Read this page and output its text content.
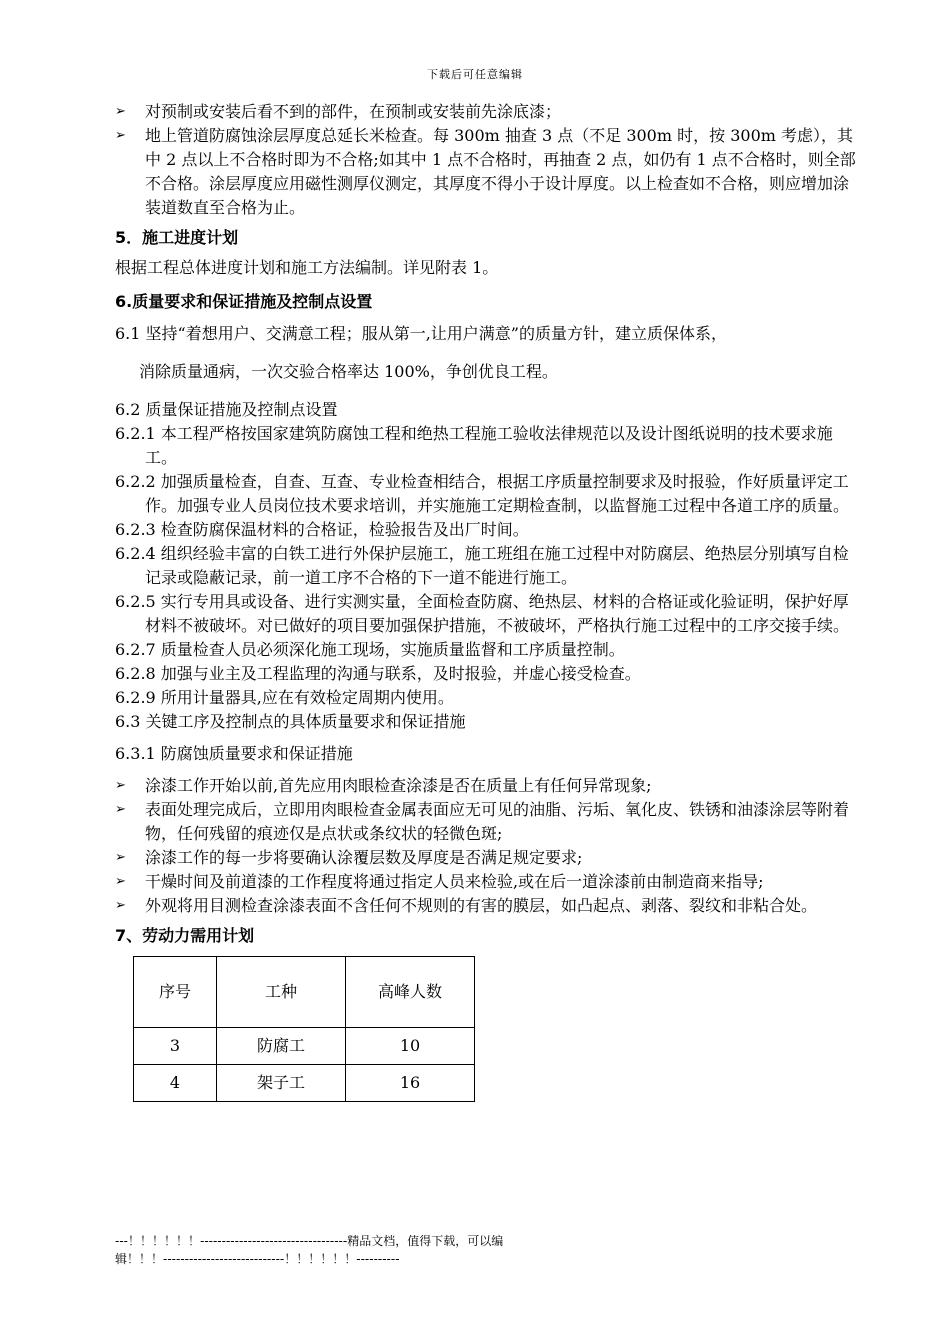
下载后可任意编辑
➢	对预制或安装后看不到的部件，在预制或安装前先涂底漆；
➢	地上管道防腐蚀涂层厚度总延长米检查。每 300m 抽查 3 点（不足 300m 时，按 300m 考虑），其中 2 点以上不合格时即为不合格;如其中 1 点不合格时，再抽查 2 点，如仍有 1 点不合格时，则全部不合格。涂层厚度应用磁性测厚仪测定，其厚度不得小于设计厚度。以上检查如不合格，则应增加涂装道数直至合格为止。
5．施工进度计划
根据工程总体进度计划和施工方法编制。详见附表 1。
6.质量要求和保证措施及控制点设置
6.1 坚持“着想用户、交满意工程；服从第一,让用户满意”的质量方针，建立质保体系，
消除质量通病，一次交验合格率达 100%，争创优良工程。
6.2 质量保证措施及控制点设置
6.2.1 本工程严格按国家建筑防腐蚀工程和绝热工程施工验收法律规范以及设计图纸说明的技术要求施工。
6.2.2 加强质量检查，自查、互查、专业检查相结合，根据工序质量控制要求及时报验，作好质量评定工作。加强专业人员岗位技术要求培训，并实施施工定期检查制，以监督施工过程中各道工序的质量。
6.2.3 检查防腐保温材料的合格证，检验报告及出厂时间。
6.2.4 组织经验丰富的白铁工进行外保护层施工，施工班组在施工过程中对防腐层、绝热层分别填写自检记录或隐蔽记录，前一道工序不合格的下一道不能进行施工。
6.2.5 实行专用具或设备、进行实测实量，全面检查防腐、绝热层、材料的合格证或化验证明，保护好厚材料不被破坏。对已做好的项目要加强保护措施，不被破坏，严格执行施工过程中的工序交接手续。
6.2.7 质量检查人员必须深化施工现场，实施质量监督和工序质量控制。
6.2.8 加强与业主及工程监理的沟通与联系，及时报验，并虚心接受检查。
6.2.9 所用计量器具,应在有效检定周期内使用。
6.3 关键工序及控制点的具体质量要求和保证措施
6.3.1 防腐蚀质量要求和保证措施
➢	涂漆工作开始以前,首先应用肉眼检查涂漆是否在质量上有任何异常现象;
➢	表面处理完成后，立即用肉眼检查金属表面应无可见的油脂、污垢、氧化皮、铁锈和油漆涂层等附着物，任何残留的痕迹仅是点状或条纹状的轻微色斑;
➢	涂漆工作的每一步将要确认涂覆层数及厚度是否满足规定要求;
➢	干燥时间及前道漆的工作程度将通过指定人员来检验,或在后一道涂漆前由制造商来指导;
➢	外观将用目测检查涂漆表面不含任何不规则的有害的膜层，如凸起点、剥落、裂纹和非粘合处。
7、劳动力需用计划
序号	工种	高峰人数
3	防腐工	10
4	架子工	16
---！！！！！！----------------------------------精品文档，值得下载，可以编
辑！！！----------------------------！！！！！！----------
